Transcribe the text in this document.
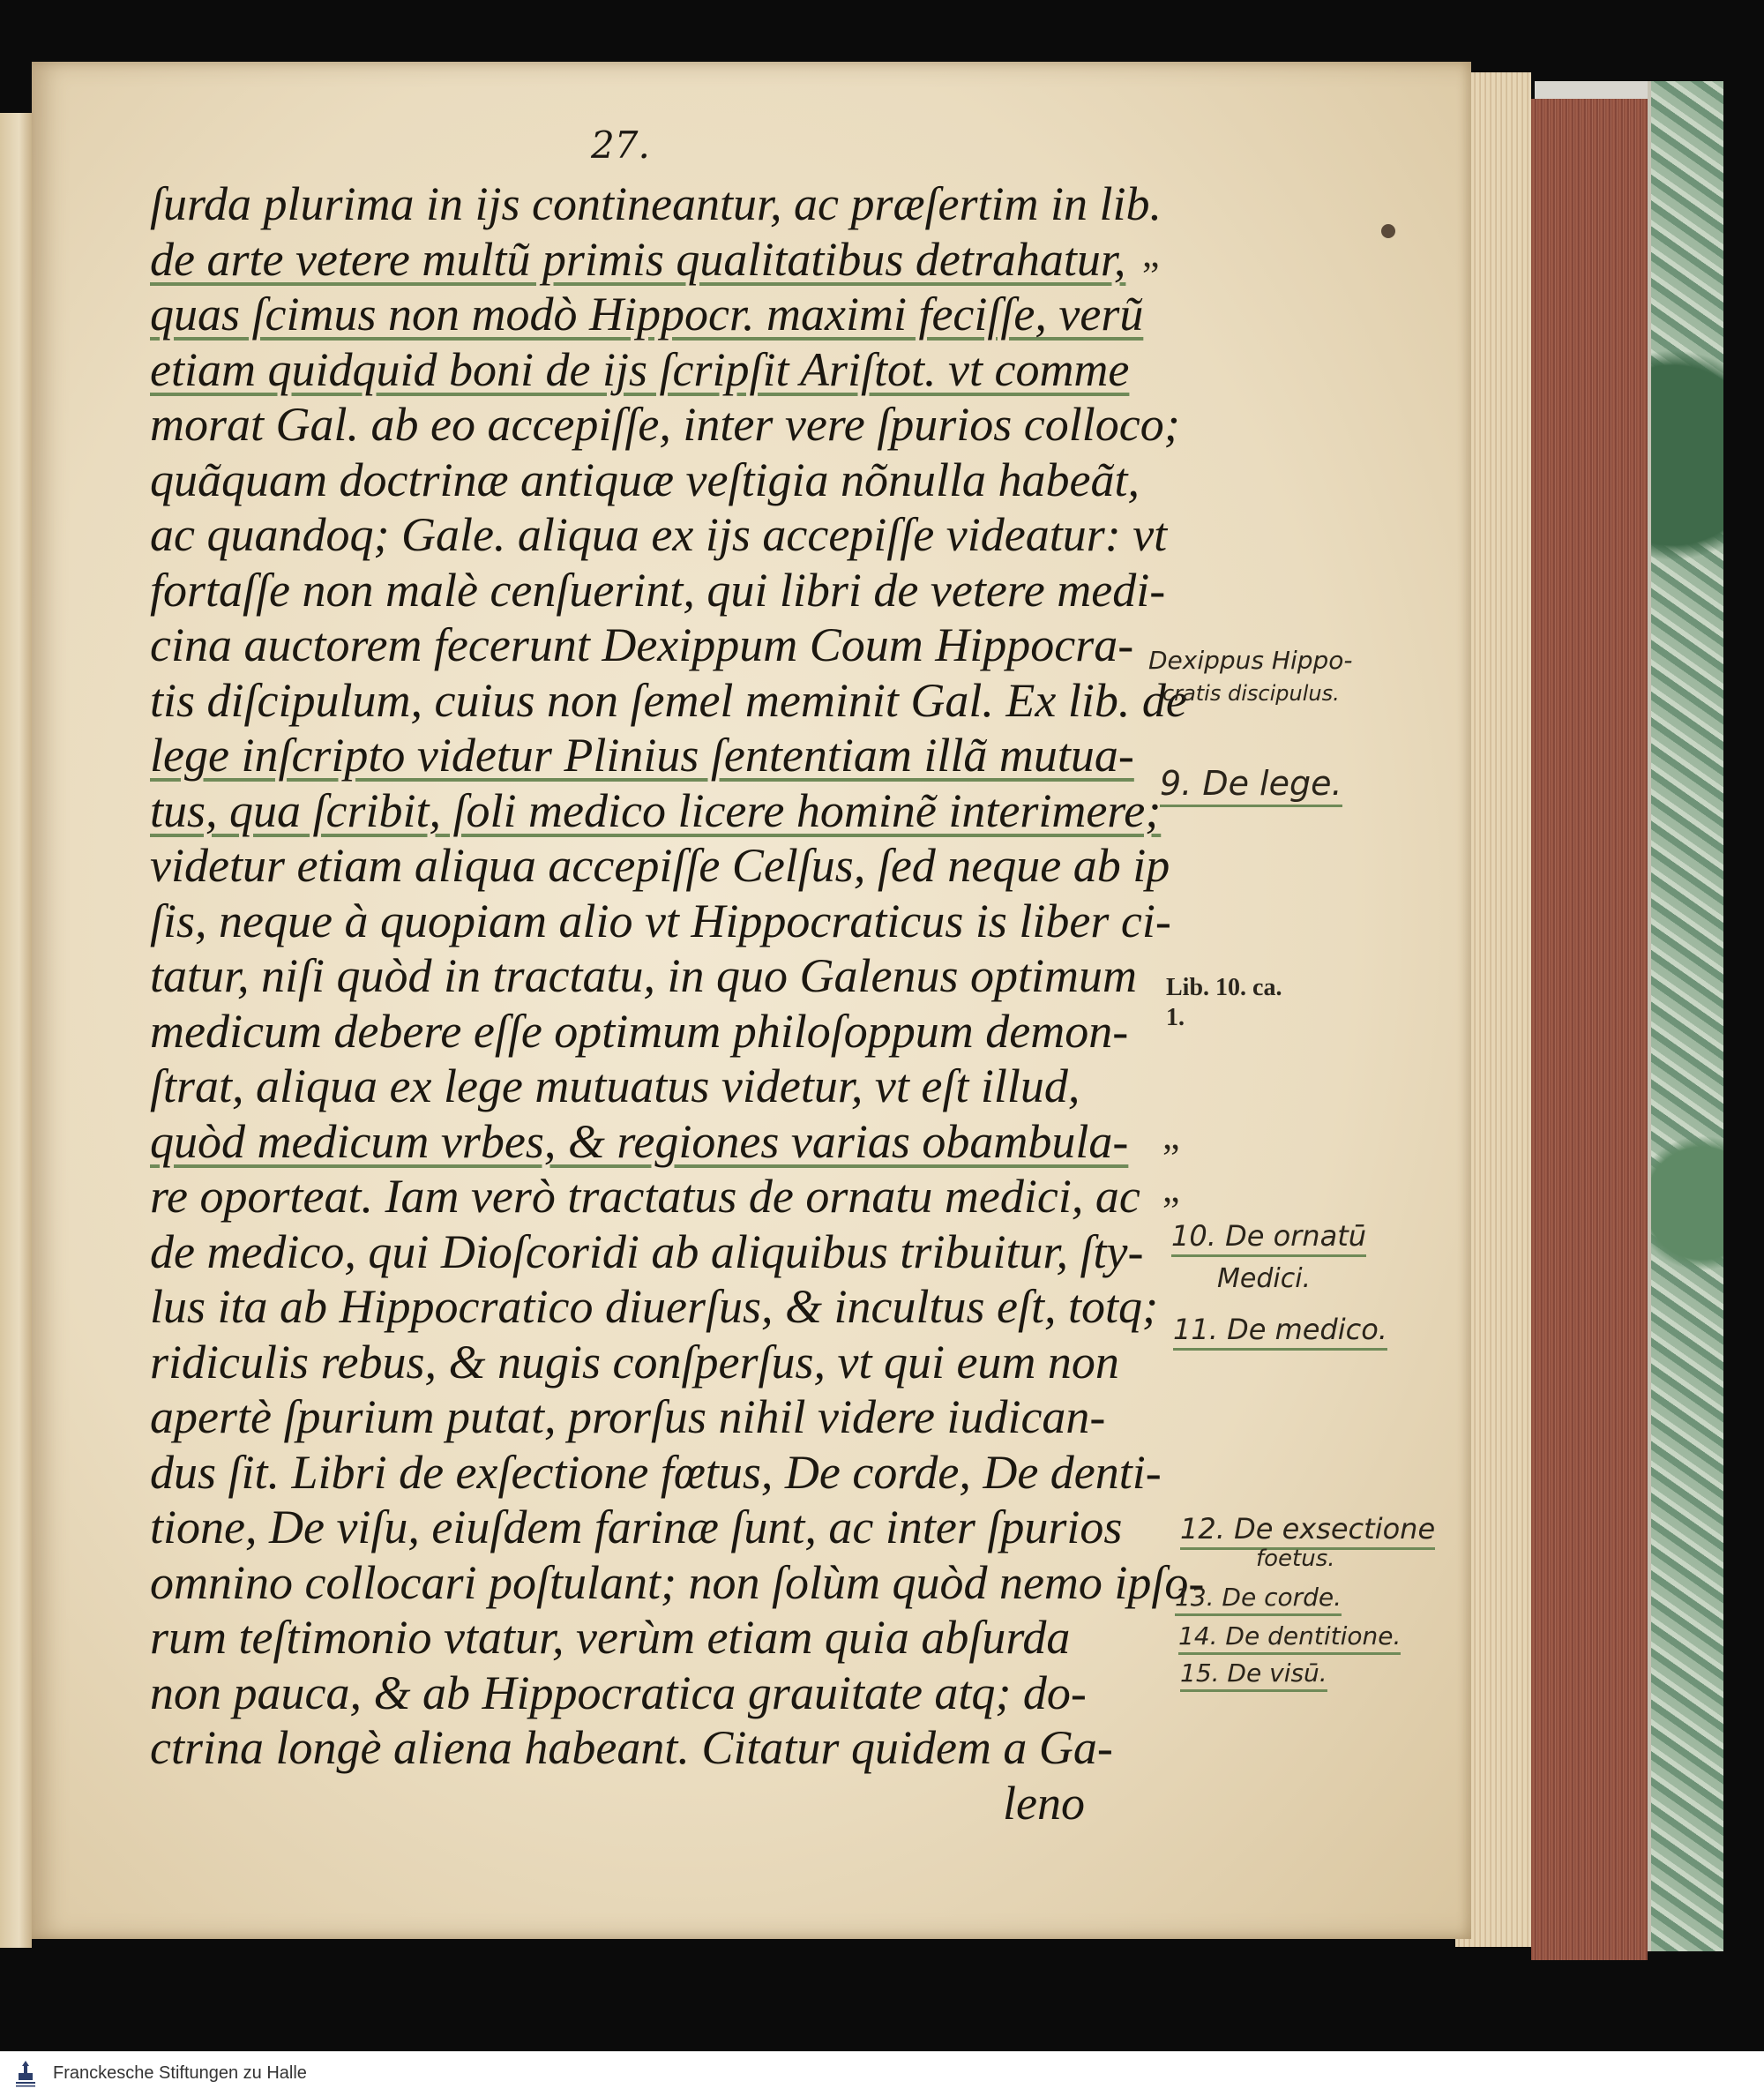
27.
ſurda plurima in ijs contineantur, ac præſertim in lib.
de arte vetere multũ primis qualitatibus detrahatur,
quas ſcimus non modò Hippocr. maximi feciſſe, verũ
etiam quidquid boni de ijs ſcripſit Ariſtot. vt comme
morat Gal. ab eo accepiſſe, inter vere ſpurios colloco;
quãquam doctrinæ antiquæ veſtigia nõnulla habeãt,
ac quandoq; Gale. aliqua ex ijs accepiſſe videatur: vt
fortaſſe non malè cenſuerint, qui libri de vetere medi-
cina auctorem fecerunt Dexippum Coum Hippocra-
tis diſcipulum, cuius non ſemel meminit Gal. Ex lib. de
lege inſcripto videtur Plinius ſententiam illã mutua-
tus, qua ſcribit, ſoli medico licere hominẽ interimere;
videtur etiam aliqua accepiſſe Celſus, ſed neque ab ip
ſis, neque à quopiam alio vt Hippocraticus is liber ci-
tatur, niſi quòd in tractatu, in quo Galenus optimum
medicum debere eſſe optimum philoſoppum demon-
ſtrat, aliqua ex lege mutuatus videtur, vt eſt illud,
quòd medicum vrbes, & regiones varias obambula-
re oporteat. Iam verò tractatus de ornatu medici, ac
de medico, qui Dioſcoridi ab aliquibus tribuitur, ſty-
lus ita ab Hippocratico diuerſus, & incultus eſt, totq;
ridiculis rebus, & nugis conſperſus, vt qui eum non
apertè ſpurium putat, prorſus nihil videre iudican-
dus ſit. Libri de exſectione fœtus, De corde, De denti-
tione, De viſu, eiuſdem farinæ ſunt, ac inter ſpurios
omnino collocari poſtulant; non ſolùm quòd nemo ipſo-
rum teſtimonio vtatur, verùm etiam quia abſurda
non pauca, & ab Hippocratica grauitate atq; do-
ctrina longè aliena habeant. Citatur quidem a Ga-
leno
„
„
„
Dexippus Hippo-
cratis discipulus.
9. De lege.
Lib. 10. ca.
1.
10. De ornatū
Medici.
11. De medico.
12. De exsectione
foetus.
13. De corde.
14. De dentitione.
15. De visū.
Franckesche Stiftungen zu Halle
